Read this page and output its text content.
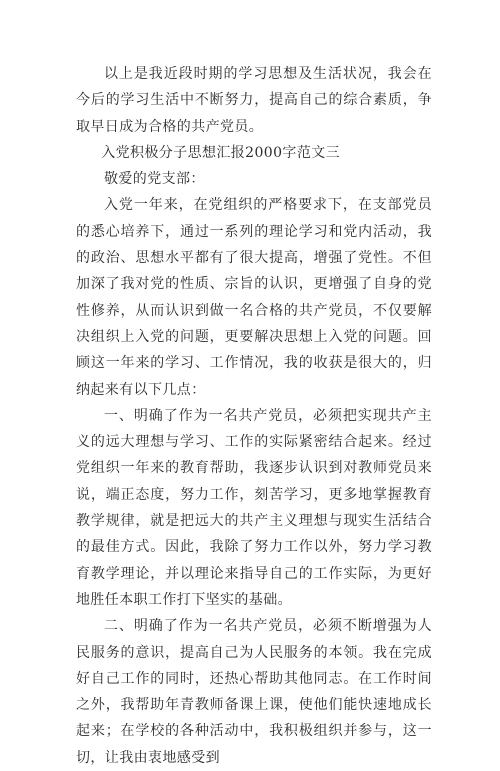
以上是我近段时期的学习思想及生活状况，我会在今后的学习生活中不断努力，提高自己的综合素质，争取早日成为合格的共产党员。

入党积极分子思想汇报2000字范文三

敬爱的党支部：

入党一年来，在党组织的严格要求下，在支部党员的悉心培养下，通过一系列的理论学习和党内活动，我的政治、思想水平都有了很大提高，增强了党性。不但加深了我对党的性质、宗旨的认识，更增强了自身的党性修养，从而认识到做一名合格的共产党员，不仅要解决组织上入党的问题，更要解决思想上入党的问题。回顾这一年来的学习、工作情况，我的收获是很大的，归纳起来有以下几点：

一、明确了作为一名共产党员，必须把实现共产主义的远大理想与学习、工作的实际紧密结合起来。经过党组织一年来的教育帮助，我逐步认识到对教师党员来说，端正态度，努力工作，刻苦学习，更多地掌握教育教学规律，就是把远大的共产主义理想与现实生活结合的最佳方式。因此，我除了努力工作以外，努力学习教育教学理论，并以理论来指导自己的工作实际，为更好地胜任本职工作打下坚实的基础。

二、明确了作为一名共产党员，必须不断增强为人民服务的意识，提高自己为人民服务的本领。我在完成好自己工作的同时，还热心帮助其他同志。在工作时间之外，我帮助年青教师备课上课，使他们能快速地成长起来；在学校的各种活动中，我积极组织并参与，这一切，让我由衷地感受到
